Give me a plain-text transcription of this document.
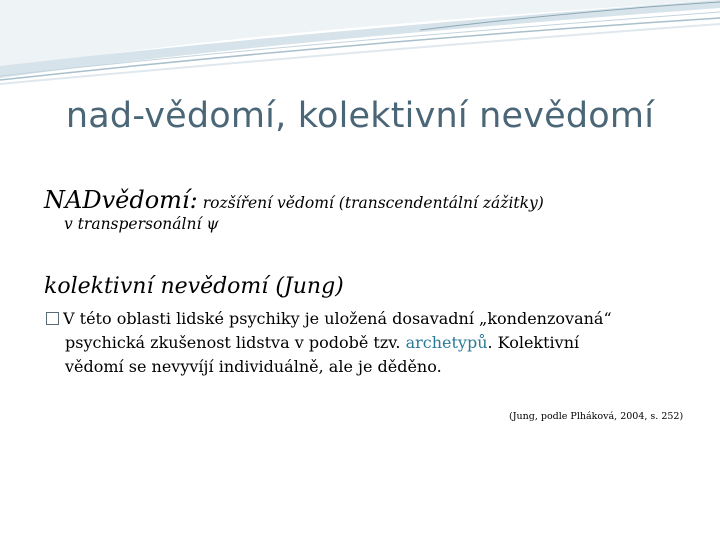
nad-vědomí, kolektivní nevědomí
NADvědomí: rozšíření vědomí (transcendentální zážitky)
v transpersonální ψ
kolektivní nevědomí (Jung)
V této oblasti lidské psychiky je uložená dosavadní „kondenzovaná“
psychická zkušenost lidstva v podobě tzv. archetypů. Kolektivní
vědomí se nevyvíjí individuálně, ale je děděno.
(Jung, podle Plháková, 2004, s. 252)
